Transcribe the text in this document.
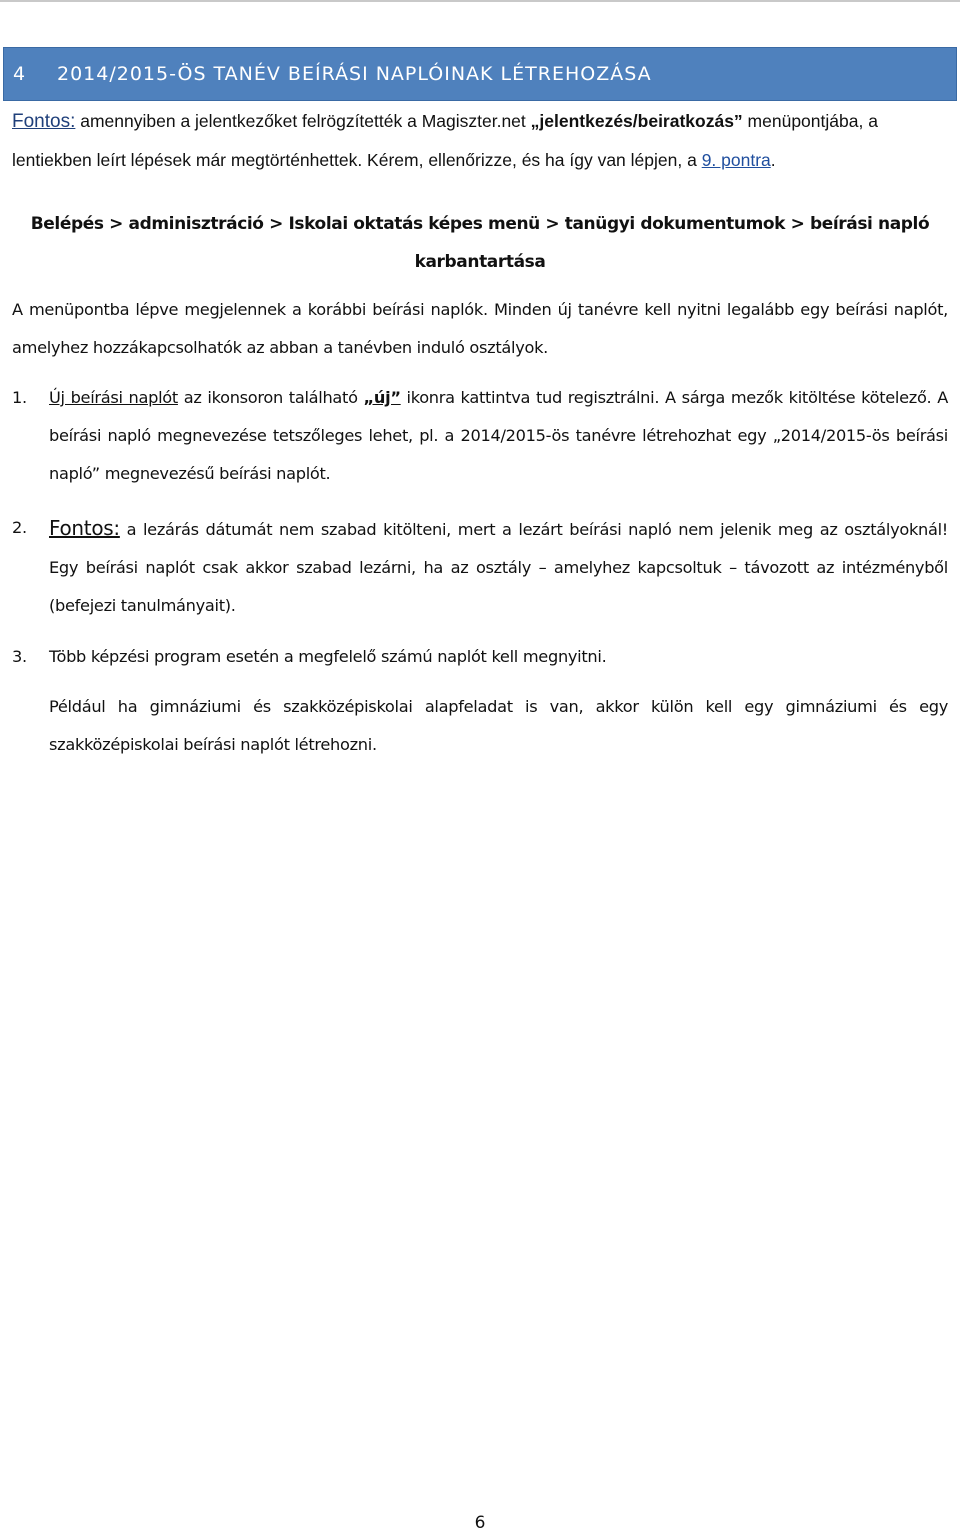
4	2014/2015-ÖS TANÉV BEÍRÁSI NAPLÓINAK LÉTREHOZÁSA
Fontos: amennyiben a jelentkezőket felrögzítették a Magiszter.net „jelentkezés/beiratkozás” menüpontjába, a lentiekben leírt lépések már megtörténhettek. Kérem, ellenőrizze, és ha így van lépjen, a 9. pontra.
Belépés > adminisztráció > Iskolai oktatás képes menü > tanügyi dokumentumok > beírási napló karbantartása
A menüpontba lépve megjelennek a korábbi beírási naplók. Minden új tanévre kell nyitni legalább egy beírási naplót, amelyhez hozzákapcsolhatók az abban a tanévben induló osztályok.
1. Új beírási naplót az ikonsoron található „új” ikonra kattintva tud regisztrálni. A sárga mezők kitöltése kötelező. A beírási napló megnevezése tetszőleges lehet, pl. a 2014/2015-ös tanévre létrehozhat egy „2014/2015-ös beírási napló” megnevezésű beírási naplót.
2. Fontos: a lezárás dátumát nem szabad kitölteni, mert a lezárt beírási napló nem jelenik meg az osztályoknál! Egy beírási naplót csak akkor szabad lezárni, ha az osztály – amelyhez kapcsoltuk – távozott az intézményből (befejezi tanulmányait).
3. Több képzési program esetén a megfelelő számú naplót kell megnyitni.
Például ha gimnáziumi és szakközépiskolai alapfeladat is van, akkor külön kell egy gimnáziumi és egy szakközépiskolai beírási naplót létrehozni.
6
